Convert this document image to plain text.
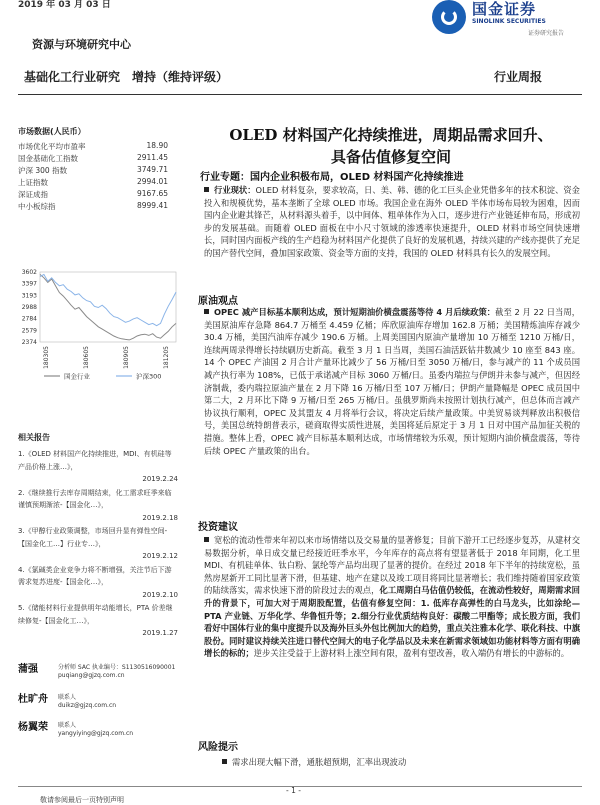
2019 年 03 月 03 日
资源与环境研究中心
国金证券
SINOLINK SECURITIES
证券研究报告
基础化工行业研究　增持（维持评级）	行业周报
市场数据(人民币）
市场优化平均市盈率	18.90
国金基础化工指数	2911.45
沪深 300 指数	3749.71
上证指数	2994.01
深证成指	9167.65
中小板综指	8999.41
3602
3397
3193
2988
2784
2579
2374
180305	180605	180905	181205
国金行业	沪深300
相关报告
1.《OLED 材料国产化持续推进，MDI、有机硅等产品价格上涨…》，
2019.2.24
2.《继续推行去库存周期结束，化工需求旺季来临谨慎预期渐浓-【国金化…》，
2019.2.18
3.《甲醇行业政策调整，市场回升显有弹性空间-【国金化工…】行业专…》，
2019.2.12
4.《氯碱类企业竞争力将不断增强，关注节后下游需求复苏进度-【国金化…》，
2019.2.10
5.《储能材料行业提供明年动能增长，PTA 价差继续修复-【国金化工…》，
2019.1.27
蒲强	分析师 SAC 执业编号：S1130516090001
puqiang@gjzq.com.cn
杜旷舟 联系人
duikz@gjzq.com.cn
杨翼荣 联系人
yangyiying@gjzq.com.cn
OLED 材料国产化持续推进，周期品需求回升、
具备估值修复空间
行业专题：国内企业积极布局，OLED 材料国产化持续推进
行业现状：OLED 材料复杂，要求较高，日、美、韩、德的化工巨头企业凭借多年的技术积淀、资金投入和规模优势，基本垄断了全球 OLED 市场。我国企业在海外 OLED 半体市场布局较为困难，因而国内企业避其锋芒，从材料源头着手，以中间体、粗单体作为入口，逐步进行产业链延伸布局，形成初步的发展基础。而随着 OLED 面板在中小尺寸领域的渗透率快速提升，OLED 材料市场空间快速增长，同时国内面板产线的生产趋稳为材料国产化提供了良好的发展机遇，持续兴建的产线亦提供了充足的国产替代空间，叠加国家政策、资金等方面的支持，我国的 OLED 材料具有长久的发展空间。
原油观点
OPEC 减产目标基本顺利达成，预计短期油价横盘震荡等待 4 月后续政策：截至 2 月 22 日当周，美国原油库存急降 864.7 万桶至 4.459 亿桶；库欣原油库存增加 162.8 万桶；美国精炼油库存减少 30.4 万桶，美国汽油库存减少 190.6 万桶。上周美国国内原油产量增加 10 万桶至 1210 万桶/日，连续两周录得增长持续刷历史新高。截至 3 月 1 日当周，美国石油活跃钻井数减少 10 座至 843 座。14 个 OPEC 产油国 2 月合计产量环比减少了 56 万桶/日至 3050 万桶/日，参与减产的 11 个成员国减产执行率为 108%，已低于承诺减产目标 3060 万桶/日。虽委内瑞拉与伊朗并未参与减产，但因经济制裁，委内瑞拉原油产量在 2 月下降 16 万桶/日至 107 万桶/日；伊朗产量降幅是 OPEC 成员国中第二大，2 月环比下降 9 万桶/日至 265 万桶/日。虽俄罗斯尚未按照计划执行减产，但总体而言减产协议执行顺利，OPEC 及其盟友 4 月将举行会议，将决定后续产量政策。中美贸易谈判释放出积极信号，美国总统特朗普表示，磋商取得实质性进展，美国将延后原定于 3 月 1 日对中国产品加征关税的措施。整体上看，OPEC 减产目标基本顺利达成，市场情绪较为乐观，预计短期内油价横盘震荡，等待后续 OPEC 产量政策的出台。
投资建议
宽松的流动性带来年初以来市场情绪以及交易量的显著修复；目前下游开工已经逐步复苏，从建材交易数据分析，单日成交量已经接近旺季水平，今年库存的高点将有望显著低于 2018 年同期，化工里 MDI、有机硅单体、钛白粉、氯纶等产品均出现了显著的提价。在经过 2018 年下半年的持续宽松，虽然房屋新开工同比显著下滑，但基建、地产在建以及竣工项目将同比显著增长；我们维持随着国家政策的陆续落实，需求快速下滑的阶段过去的观点，化工周期白马估值仍较低，在流动性较好，周期需求回升的背景下，可加大对于周期股配置，估值有修复空间：1. 低库存高弹性的白马龙头，比如涂纶—PTA 产业链、万华化学、华鲁恒升等；2.细分行业优质结构良好：碳酸二甲酯等；成长股方面，我们看好中国体行业的集中度提升以及海外巨头外包比例加大的趋势，重点关注雅本化学、联化科技、中旗股份。同时建议持续关注进口替代空间大的电子化学品以及未来在新需求领域如功能材料等方面有明确增长的标的；逆步关注受益于上游材料上涨空间有限，盈利有望改善，收入端仍有增长的中游标的。
风险提示
需求出现大幅下滑，通胀超预期，汇率出现波动
- 1 -
敬请参阅最后一页特别声明
